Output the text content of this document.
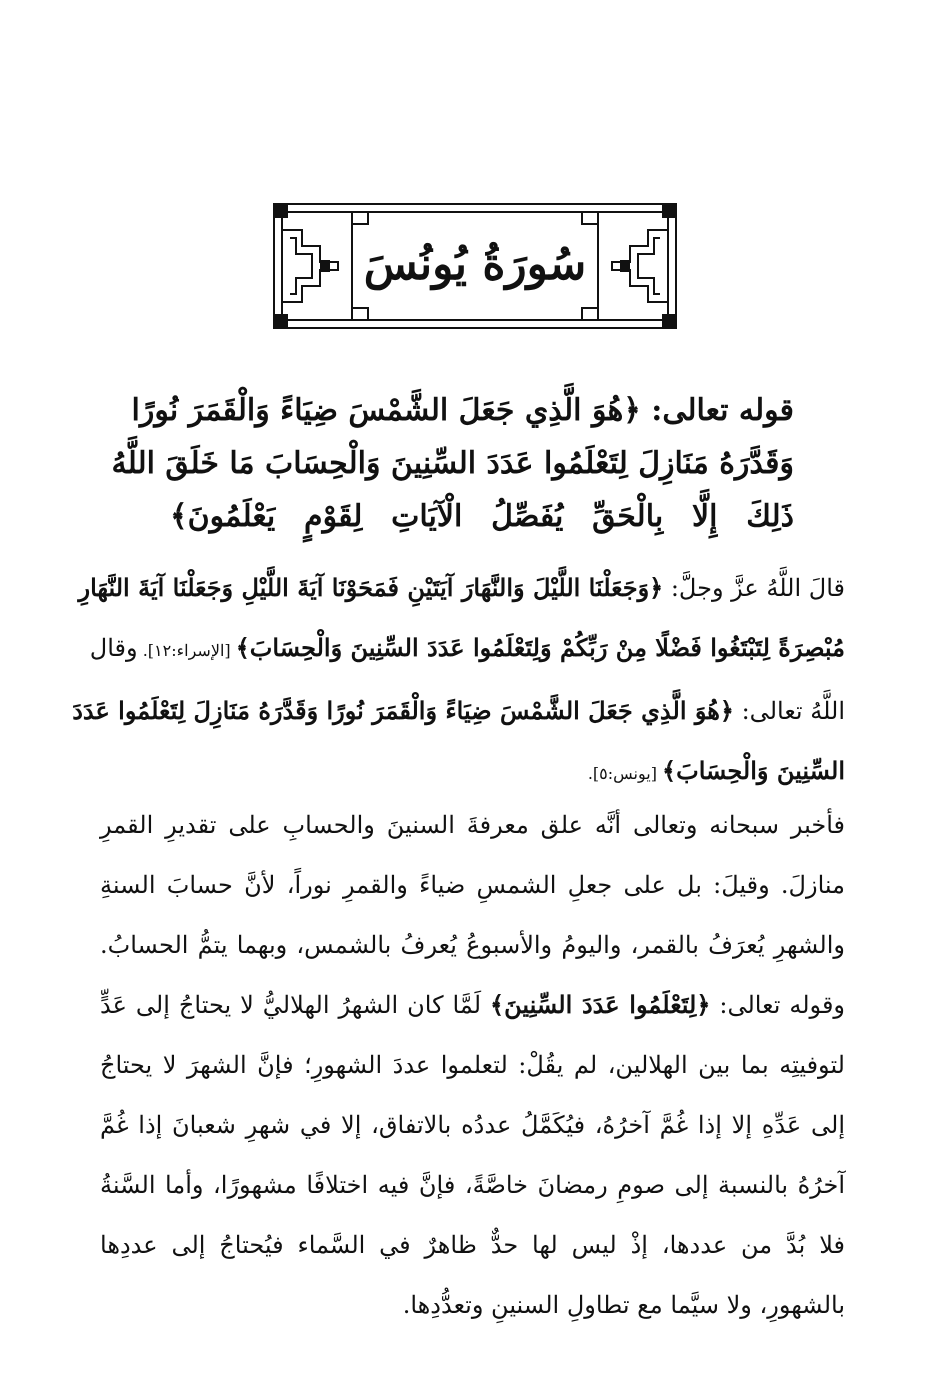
سُورَةُ يُونُسَ
قوله تعالى: ﴿هُوَ الَّذِي جَعَلَ الشَّمْسَ ضِيَاءً وَالْقَمَرَ نُورًا
وَقَدَّرَهُ مَنَازِلَ لِتَعْلَمُوا عَدَدَ السِّنِينَ وَالْحِسَابَ مَا خَلَقَ اللَّهُ
ذَلِكَ إِلَّا بِالْحَقِّ يُفَصِّلُ الْآيَاتِ لِقَوْمٍ يَعْلَمُونَ﴾
قالَ اللَّهُ عزَّ وجلَّ: ﴿وَجَعَلْنَا اللَّيْلَ وَالنَّهَارَ آيَتَيْنِ فَمَحَوْنَا آيَةَ اللَّيْلِ وَجَعَلْنَا آيَةَ النَّهَارِ
مُبْصِرَةً لِتَبْتَغُوا فَضْلًا مِنْ رَبِّكُمْ وَلِتَعْلَمُوا عَدَدَ السِّنِينَ وَالْحِسَابَ﴾ [الإسراء:١٢]. وقال
اللَّهُ تعالى: ﴿هُوَ الَّذِي جَعَلَ الشَّمْسَ ضِيَاءً وَالْقَمَرَ نُورًا وَقَدَّرَهُ مَنَازِلَ لِتَعْلَمُوا عَدَدَ
السِّنِينَ وَالْحِسَابَ﴾ [يونس:٥].
فأخبر سبحانه وتعالى أنَّه علق معرفةَ السنينَ والحسابِ على تقديرِ القمرِ
منازلَ. وقيلَ: بل على جعلِ الشمسِ ضياءً والقمرِ نوراً، لأنَّ حسابَ السنةِ
والشهرِ يُعرَفُ بالقمر، واليومُ والأسبوعُ يُعرفُ بالشمس، وبهما يتمُّ الحسابُ.
وقوله تعالى: ﴿لِتَعْلَمُوا عَدَدَ السِّنِينَ﴾ لَمَّا كان الشهرُ الهلاليُّ لا يحتاجُ إلى عَدٍّ
لتوفيتِه بما بين الهلالين، لم يقُلْ: لتعلموا عددَ الشهورِ؛ فإنَّ الشهرَ لا يحتاجُ
إلى عَدِّهِ إلا إذا غُمَّ آخرُهُ، فيُكَمَّلُ عددُه بالاتفاق، إلا في شهرِ شعبانَ إذا غُمَّ
آخرُهُ بالنسبة إلى صومِ رمضانَ خاصَّةً، فإنَّ فيه اختلافًا مشهورًا، وأما السَّنةُ
فلا بُدَّ من عددها، إذْ ليس لها حدٌّ ظاهرٌ في السَّماء فيُحتاجُ إلى عددِها
بالشهورِ، ولا سيَّما مع تطاولِ السنينِ وتعدُّدِها.
